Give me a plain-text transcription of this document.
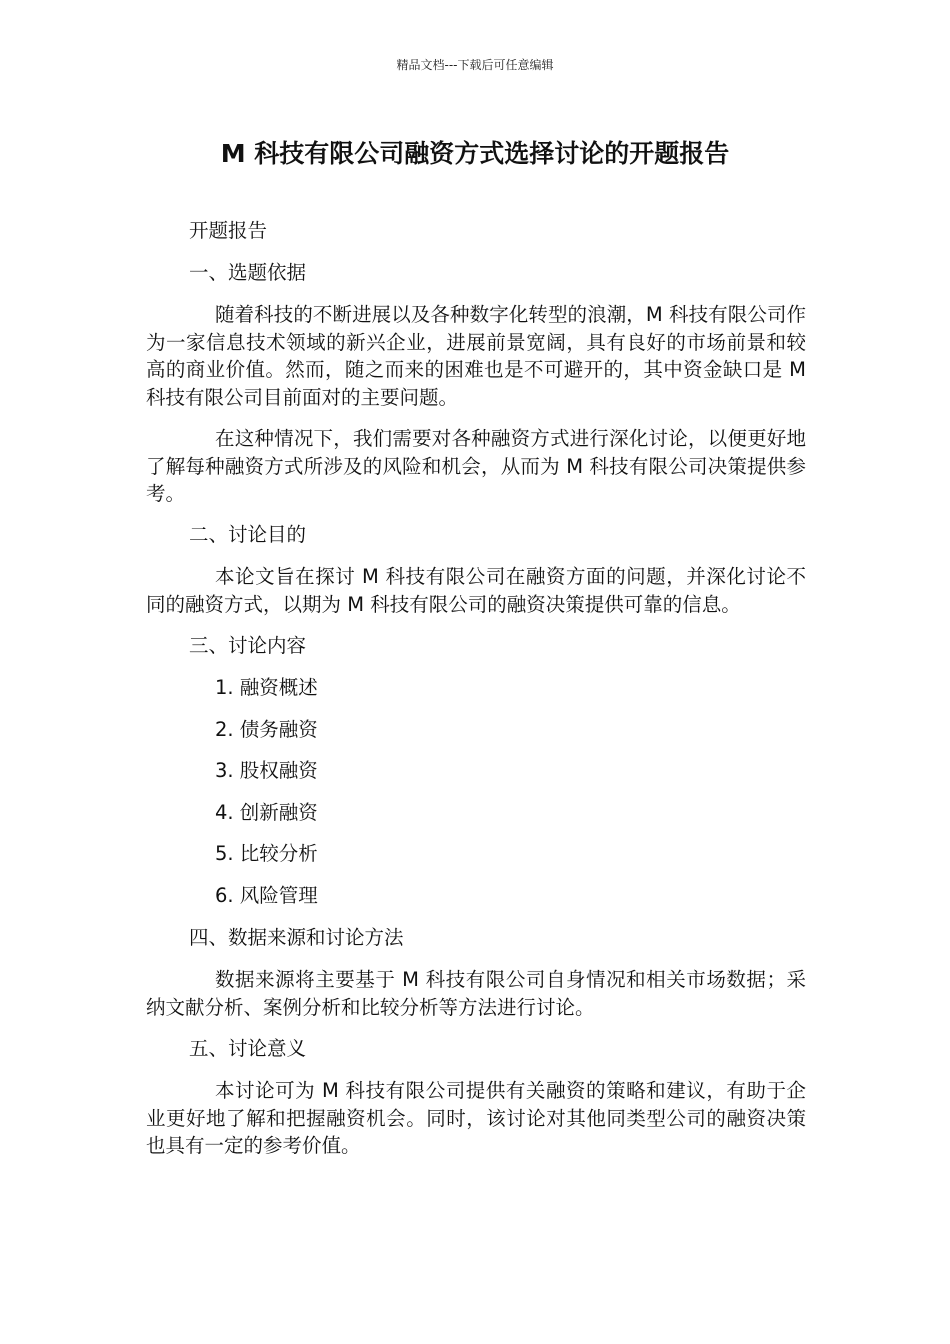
精品文档---下载后可任意编辑
M 科技有限公司融资方式选择讨论的开题报告
开题报告
一、选题依据

随着科技的不断进展以及各种数字化转型的浪潮，M 科技有限公司作为一家信息技术领域的新兴企业，进展前景宽阔，具有良好的市场前景和较高的商业价值。然而，随之而来的困难也是不可避开的，其中资金缺口是 M 科技有限公司目前面对的主要问题。

在这种情况下，我们需要对各种融资方式进行深化讨论，以便更好地了解每种融资方式所涉及的风险和机会，从而为 M 科技有限公司决策提供参考。

二、讨论目的

本论文旨在探讨 M 科技有限公司在融资方面的问题，并深化讨论不同的融资方式，以期为 M 科技有限公司的融资决策提供可靠的信息。

三、讨论内容
1. 融资概述
2. 债务融资
3. 股权融资
4. 创新融资
5. 比较分析
6. 风险管理
四、数据来源和讨论方法

数据来源将主要基于 M 科技有限公司自身情况和相关市场数据；采纳文献分析、案例分析和比较分析等方法进行讨论。

五、讨论意义

本讨论可为 M 科技有限公司提供有关融资的策略和建议，有助于企业更好地了解和把握融资机会。同时，该讨论对其他同类型公司的融资决策也具有一定的参考价值。
